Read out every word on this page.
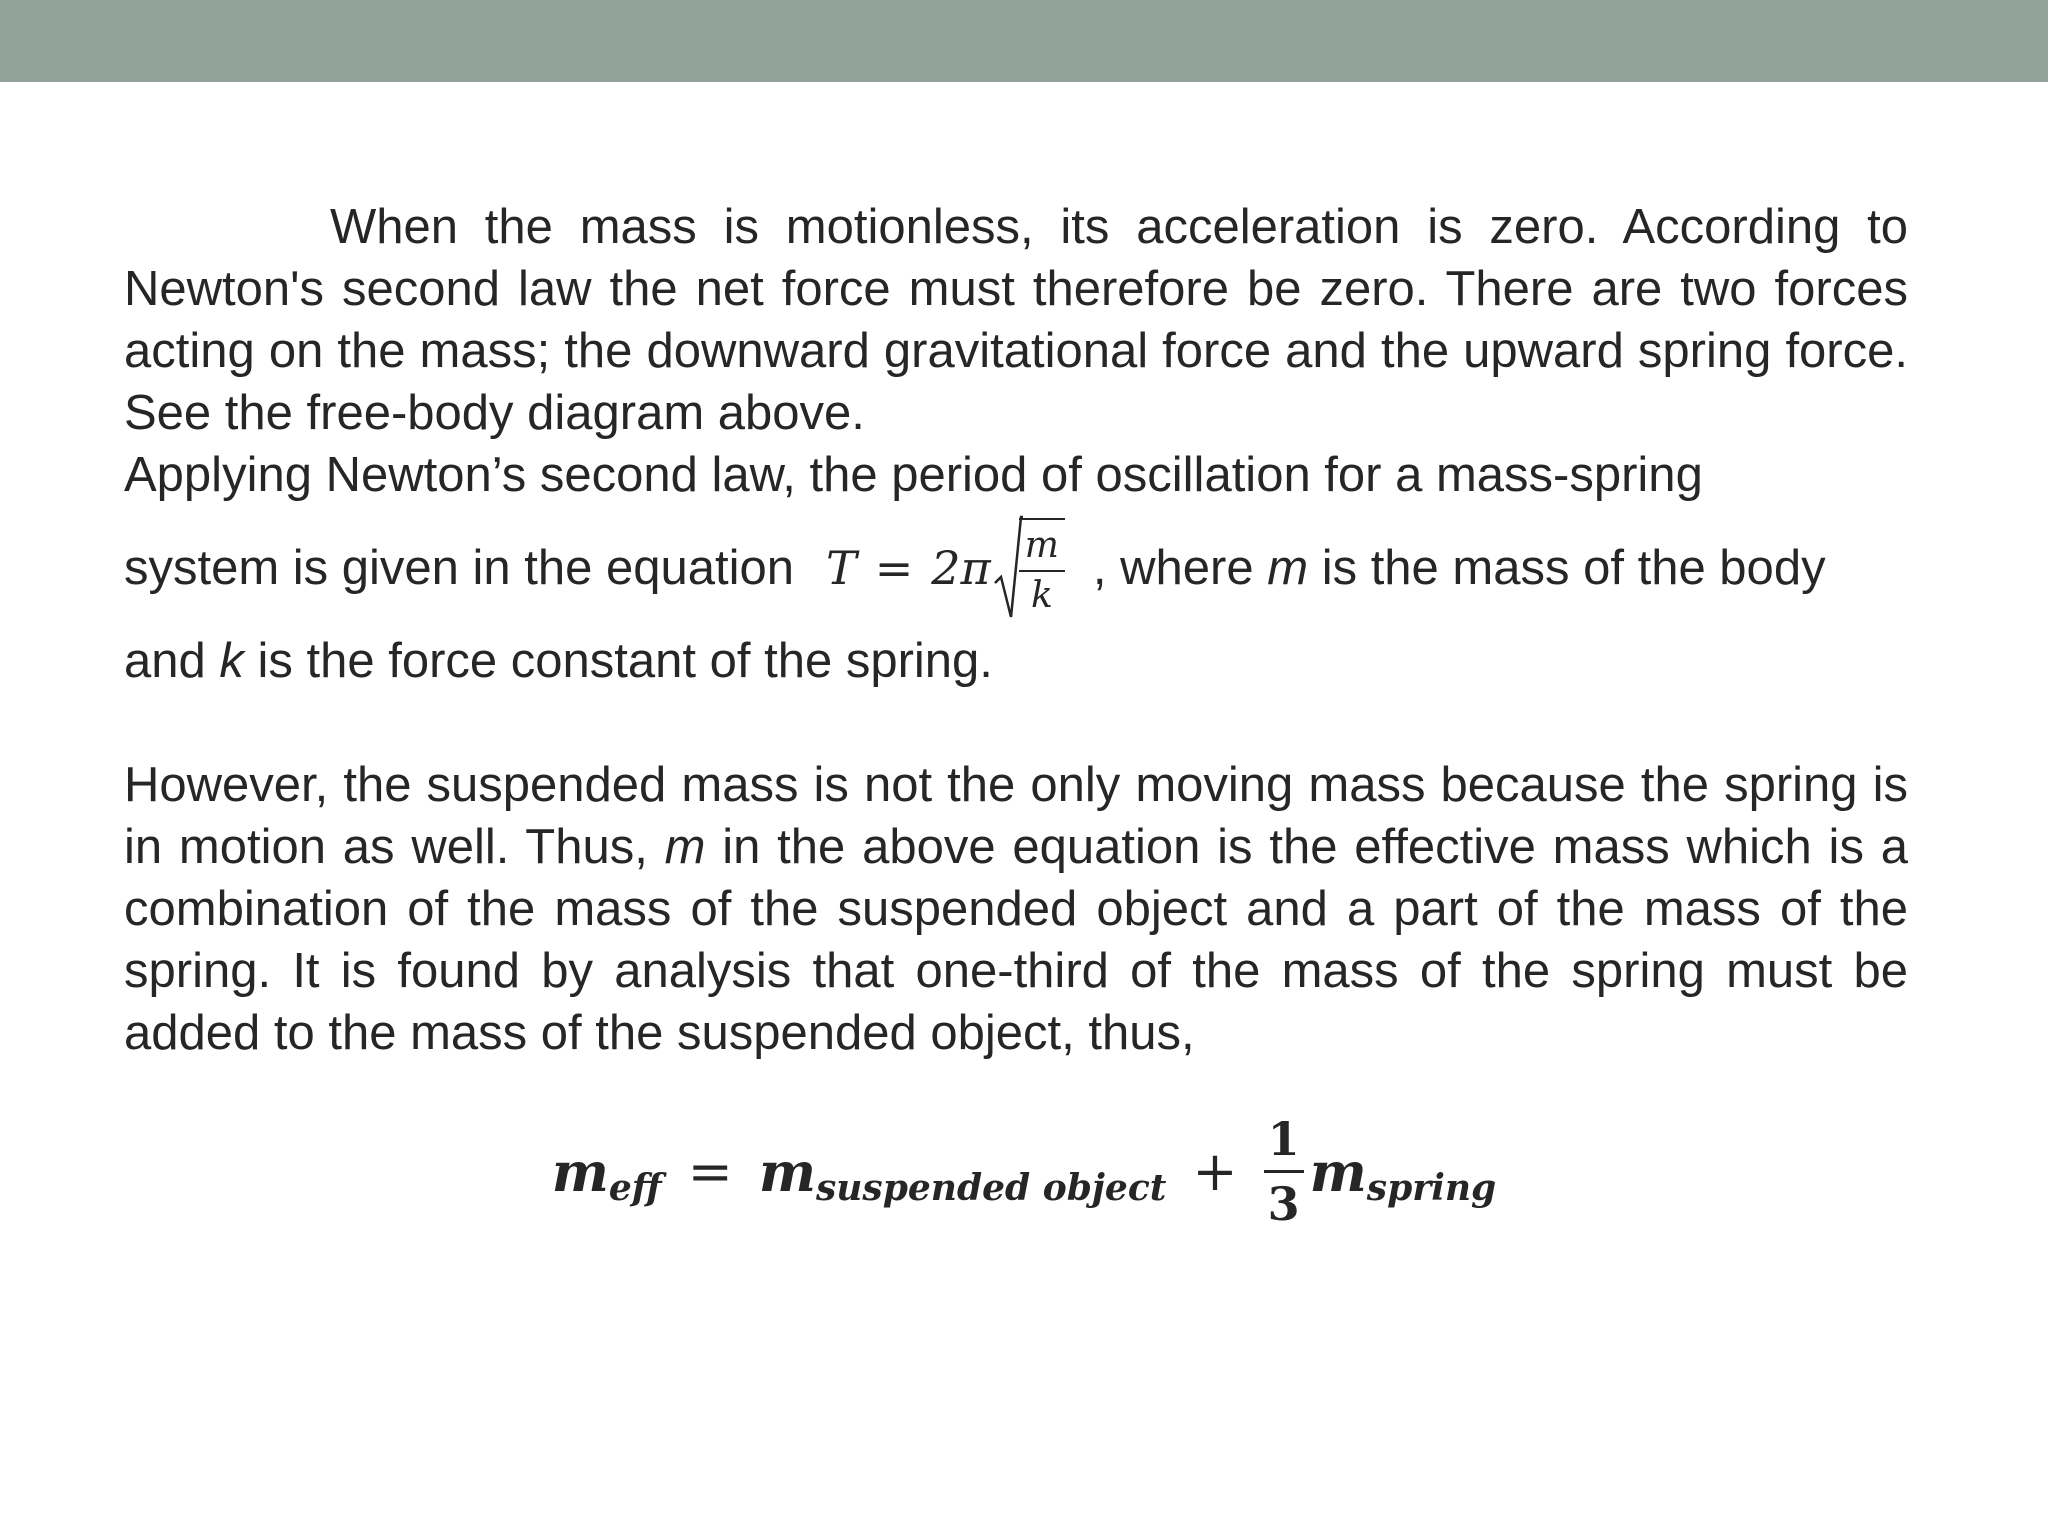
When the mass is motionless, its acceleration is zero. According to Newton's second law the net force must therefore be zero. There are two forces acting on the mass; the downward gravitational force and the upward spring force. See the free-body diagram above.

Applying Newton’s second law, the period of oscillation for a mass-spring

system is given in the equation $T = 2\pi \frac{m}{k}$ , where
m
is the mass of the body

and k is the force constant of the spring.

However, the suspended mass is not the only moving mass because the spring is in motion as well. Thus, m in the above equation is the effective mass which is a combination of the mass of the suspended object and a part of the mass of the spring. It is found by analysis that one-third of the mass of the spring must be added to the mass of the suspended object, thus,

m eff = m suspended object + $\frac{1}{3}$ m spring
